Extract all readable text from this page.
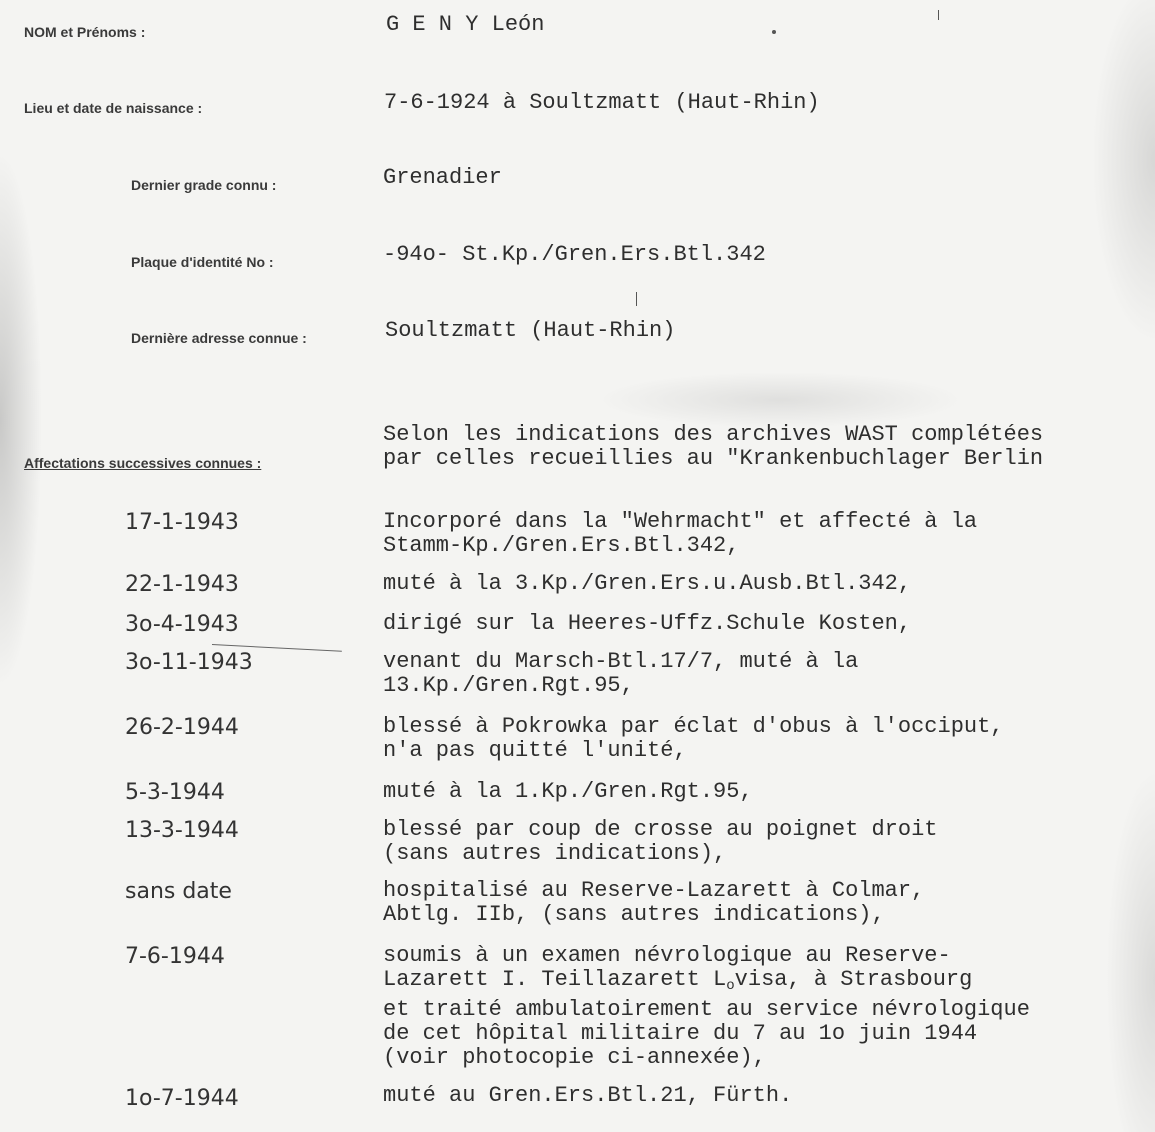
NOM et Prénoms :	G E N Y León
Lieu et date de naissance :	7-6-1924 à Soultzmatt (Haut-Rhin)
Dernier grade connu :	Grenadier
Plaque d'identité No :	-94o- St.Kp./Gren.Ers.Btl.342
Dernière adresse connue :	Soultzmatt (Haut-Rhin)
Affectations successives connues :
Selon les indications des archives WAST complétées
par celles recueillies au "Krankenbuchlager Berlin
17-1-1943	Incorporé dans la "Wehrmacht" et affecté à la
Stamm-Kp./Gren.Ers.Btl.342,
22-1-1943	muté à la 3.Kp./Gren.Ers.u.Ausb.Btl.342,
3o-4-1943	dirigé sur la Heeres-Uffz.Schule Kosten,
3o-11-1943	venant du Marsch-Btl.17/7, muté à la
13.Kp./Gren.Rgt.95,
26-2-1944	blessé à Pokrowka par éclat d'obus à l'occiput,
n'a pas quitté l'unité,
5-3-1944	muté à la 1.Kp./Gren.Rgt.95,
13-3-1944	blessé par coup de crosse au poignet droit
(sans autres indications),
sans date	hospitalisé au Reserve-Lazarett à Colmar,
Abtlg. IIb, (sans autres indications),
7-6-1944	soumis à un examen névrologique au Reserve-
Lazarett I. Teillazarett $L_ovisa$, à Strasbourg
et traité ambulatoirement au service névrologique
de cet hôpital militaire du 7 au 1o juin 1944
(voir photocopie ci-annexée),
1o-7-1944	muté au Gren.Ers.Btl.21, Fürth.
